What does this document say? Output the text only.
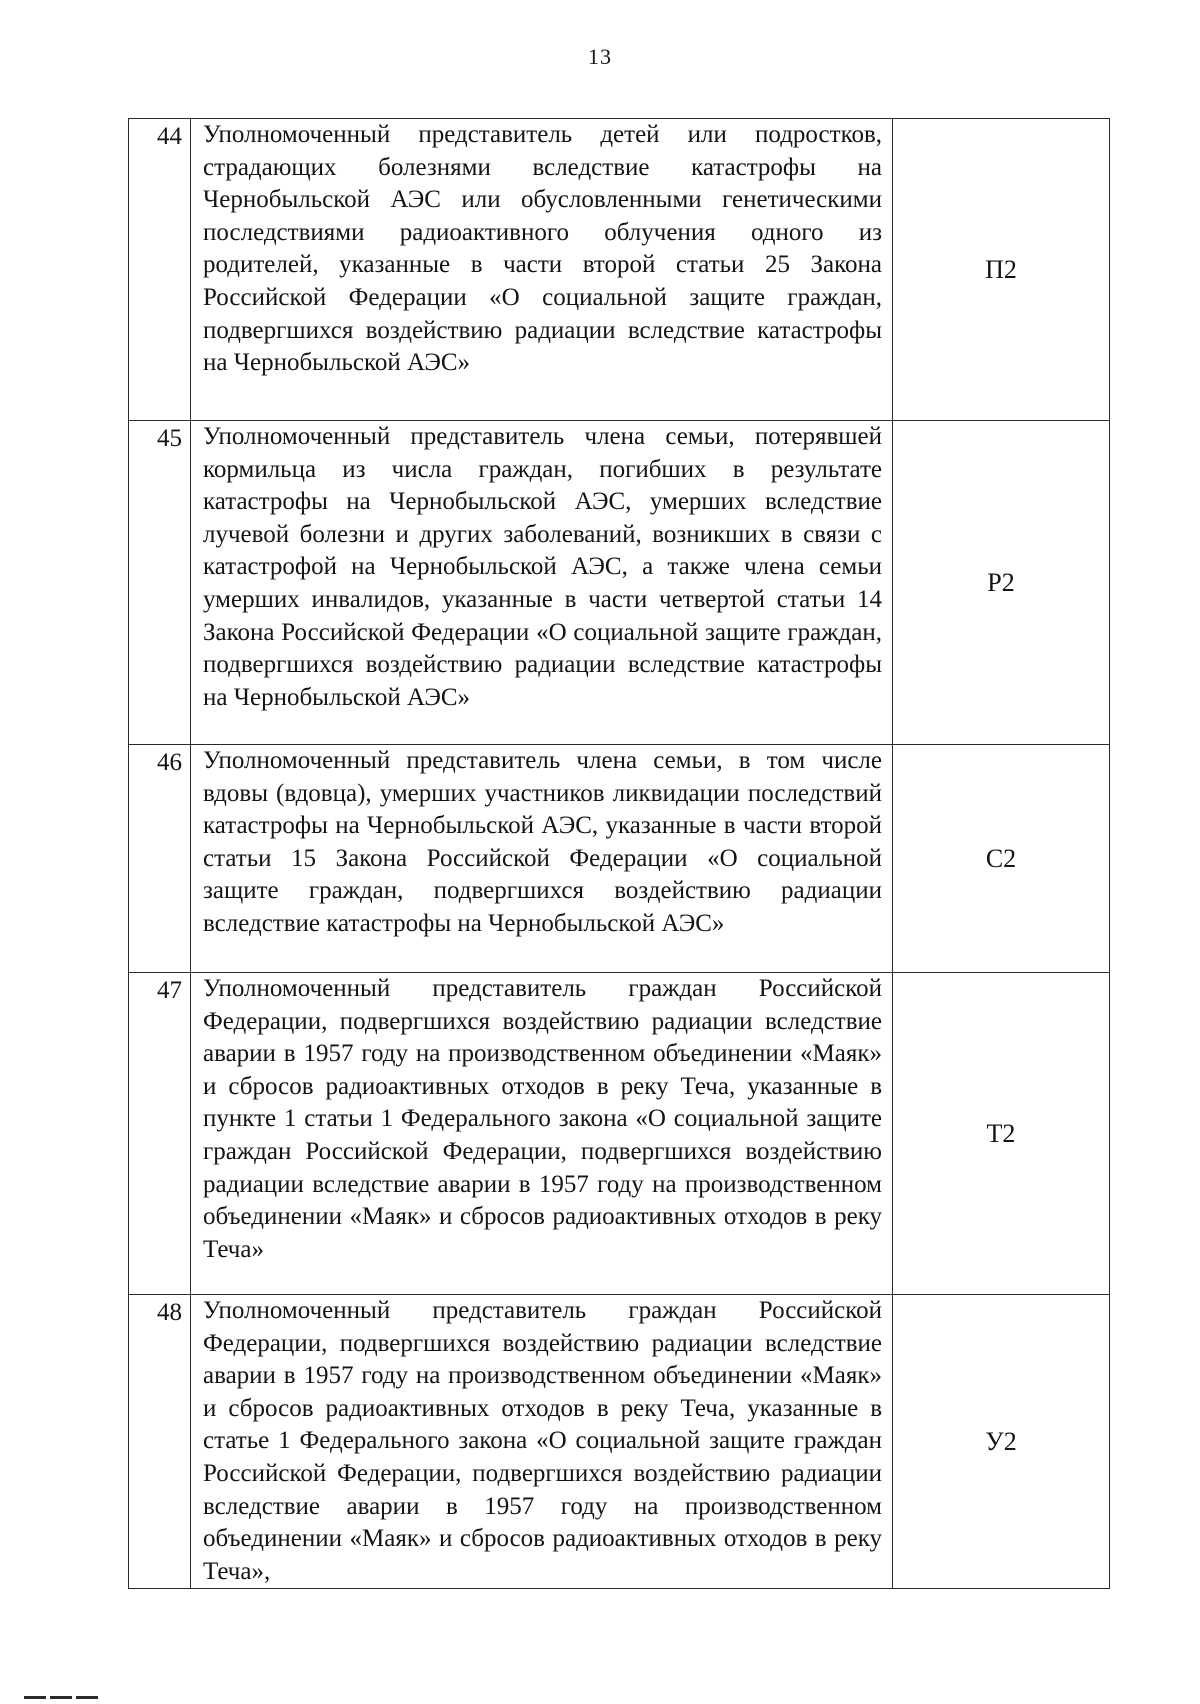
13
44	Уполномоченный представитель детей или подростков, страдающих болезнями вследствие катастрофы на Чернобыльской АЭС или обусловленными генетическими последствиями радиоактивного облучения одного из родителей, указанные в части второй статьи 25 Закона Российской Федерации «О социальной защите граждан, подвергшихся воздействию радиации вследствие катастрофы на Чернобыльской АЭС»	П2
45	Уполномоченный представитель члена семьи, потерявшей кормильца из числа граждан, погибших в результате катастрофы на Чернобыльской АЭС, умерших вследствие лучевой болезни и других заболеваний, возникших в связи с катастрофой на Чернобыльской АЭС, а также члена семьи умерших инвалидов, указанные в части четвертой статьи 14 Закона Российской Федерации «О социальной защите граждан, подвергшихся воздействию радиации вследствие катастрофы на Чернобыльской АЭС»	Р2
46	Уполномоченный представитель члена семьи, в том числе вдовы (вдовца), умерших участников ликвидации последствий катастрофы на Чернобыльской АЭС, указанные в части второй статьи 15 Закона Российской Федерации «О социальной защите граждан, подвергшихся воздействию радиации вследствие катастрофы на Чернобыльской АЭС»	С2
47	Уполномоченный представитель граждан Российской Федерации, подвергшихся воздействию радиации вследствие аварии в 1957 году на производственном объединении «Маяк» и сбросов радиоактивных отходов в реку Теча, указанные в пункте 1 статьи 1 Федерального закона «О социальной защите граждан Российской Федерации, подвергшихся воздействию радиации вследствие аварии в 1957 году на производственном объединении «Маяк» и сбросов радиоактивных отходов в реку Теча»	Т2
48	Уполномоченный представитель граждан Российской Федерации, подвергшихся воздействию радиации вследствие аварии в 1957 году на производственном объединении «Маяк» и сбросов радиоактивных отходов в реку Теча, указанные в статье 1 Федерального закона «О социальной защите граждан Российской Федерации, подвергшихся воздействию радиации вследствие аварии в 1957 году на производственном объединении «Маяк» и сбросов радиоактивных отходов в реку Теча»,	У2
